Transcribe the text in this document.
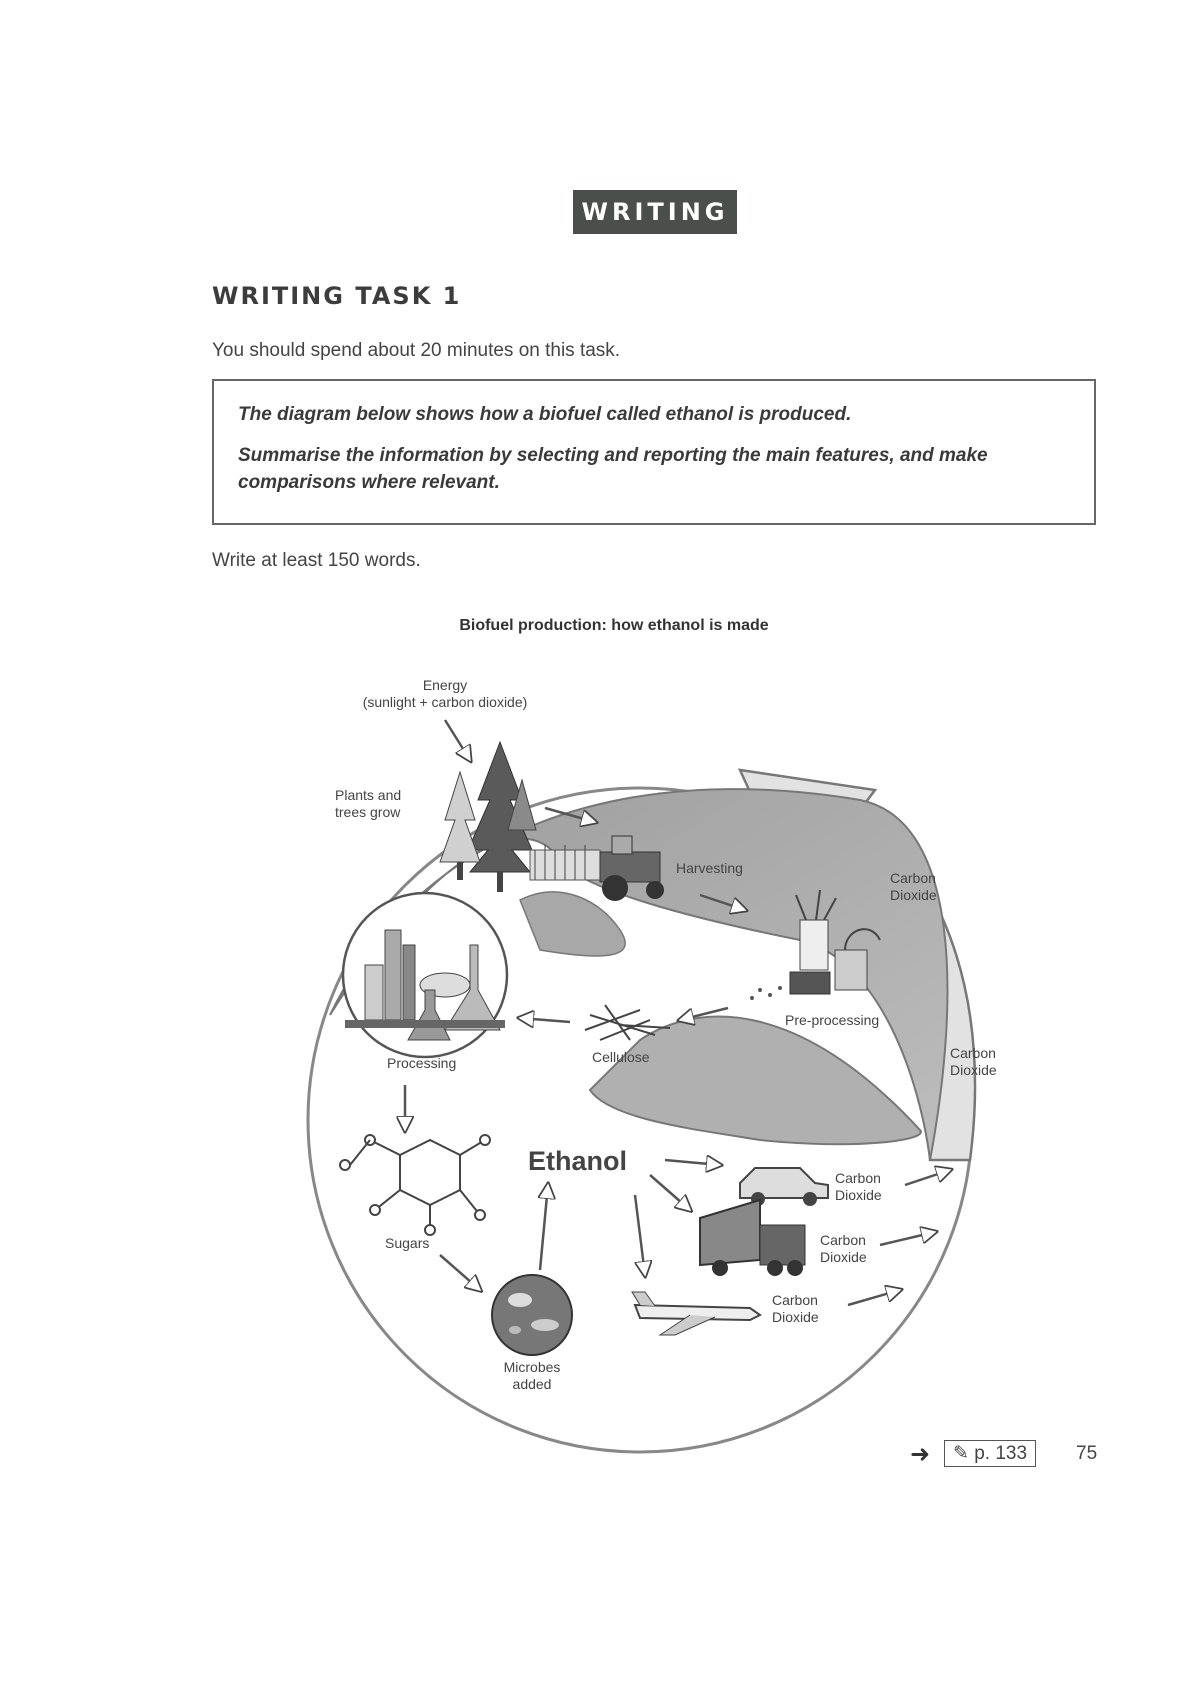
WRITING
WRITING TASK 1
You should spend about 20 minutes on this task.

The diagram below shows how a biofuel called ethanol is produced.

Summarise the information by selecting and reporting the main features, and make comparisons where relevant.

Write at least 150 words.
Biofuel production: how ethanol is made
Energy
(sunlight + carbon dioxide)
Plants and
trees grow
Harvesting
Carbon
Dioxide
Pre-processing
Carbon
Dioxide
Cellulose
Processing
Ethanol
Sugars
Microbes
added
Carbon
Dioxide
Carbon
Dioxide
Carbon
Dioxide
➜	✎ p. 133	75
